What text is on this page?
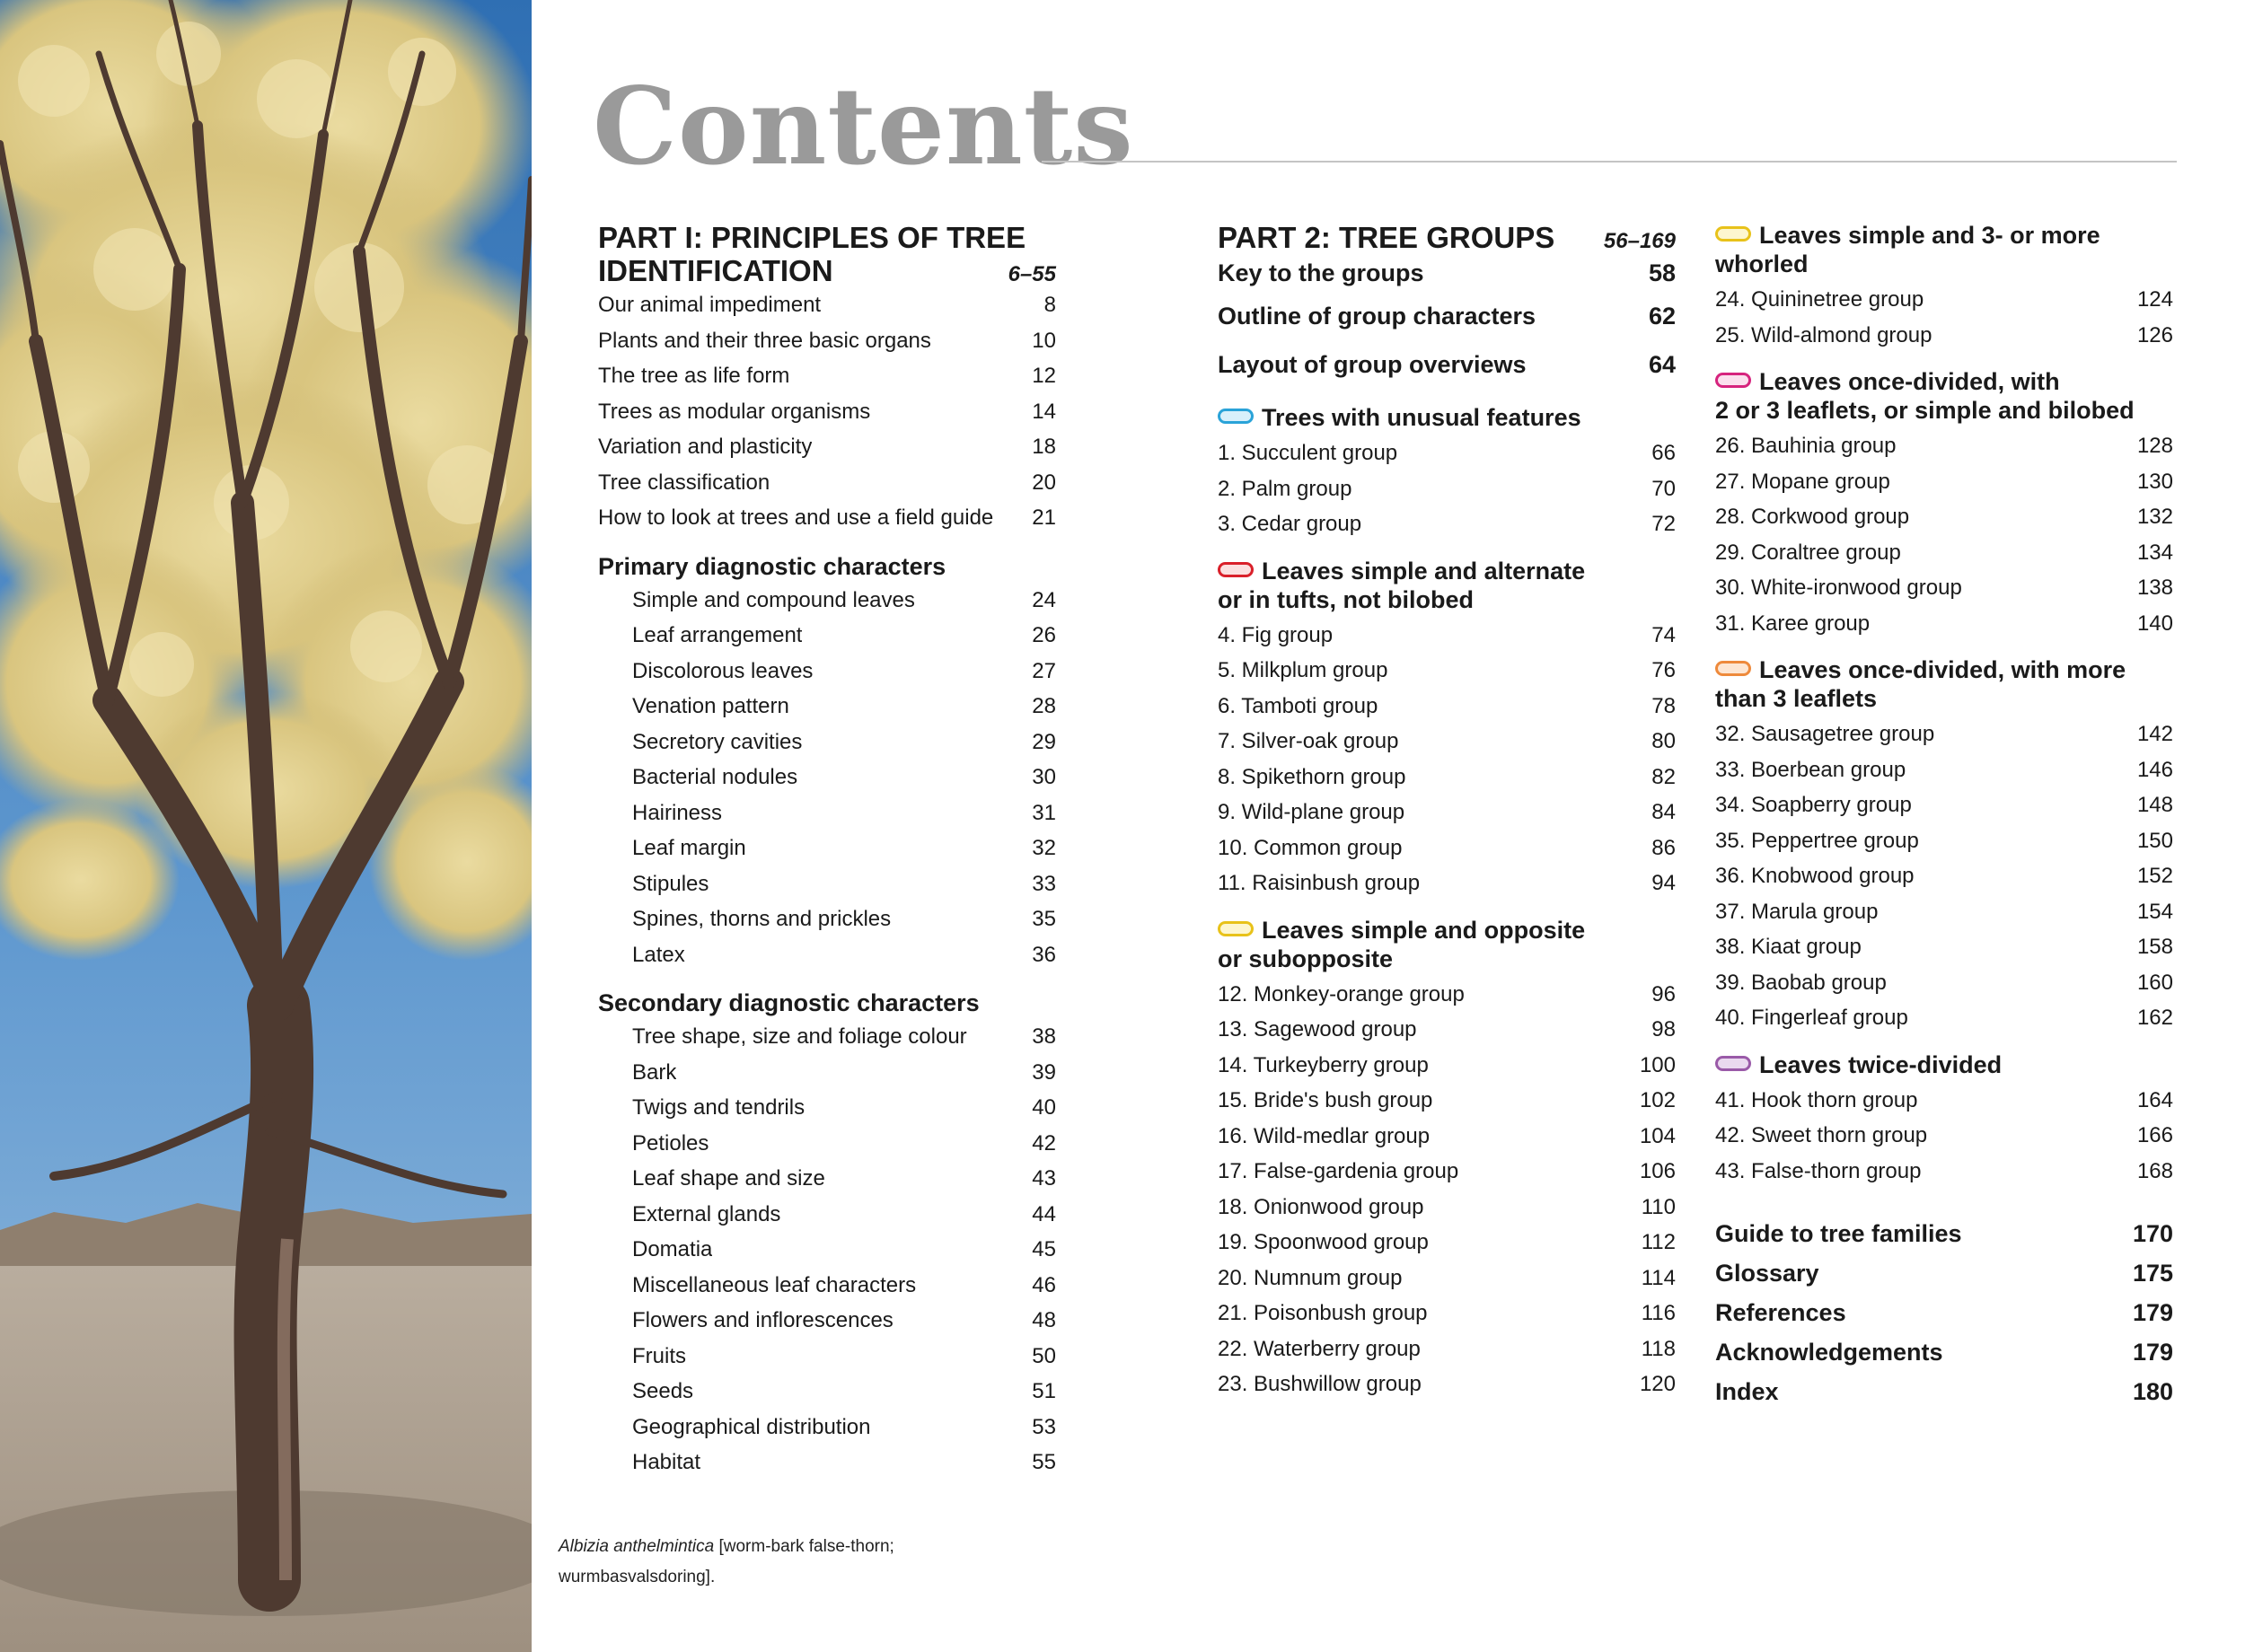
Contents
PART I: PRINCIPLES OF TREE
IDENTIFICATION	6–55
Our animal impediment	8
Plants and their three basic organs	10
The tree as life form	12
Trees as modular organisms	14
Variation and plasticity	18
Tree classification	20
How to look at trees and use a field guide 21
Primary diagnostic characters
Simple and compound leaves	24
Leaf arrangement	26
Discolorous leaves	27
Venation pattern	28
Secretory cavities	29
Bacterial nodules	30
Hairiness	31
Leaf margin	32
Stipules	33
Spines, thorns and prickles	35
Latex	36
Secondary diagnostic characters
Tree shape, size and foliage colour	38
Bark	39
Twigs and tendrils	40
Petioles	42
Leaf shape and size	43
External glands	44
Domatia	45
Miscellaneous leaf characters	46
Flowers and inflorescences	48
Fruits	50
Seeds	51
Geographical distribution	53
Habitat	55
PART 2: TREE GROUPS 56–169
Key to the groups	58
Outline of group characters	62
Layout of group overviews	64
Trees with unusual features
1. Succulent group	66
2. Palm group	70
3. Cedar group	72
Leaves simple and alternate
or in tufts, not bilobed
4. Fig group	74
5. Milkplum group	76
6. Tamboti group	78
7. Silver-oak group	80
8. Spikethorn group	82
9. Wild-plane group	84
10. Common group	86
11. Raisinbush group	94
Leaves simple and opposite
or subopposite
12. Monkey-orange group	96
13. Sagewood group	98
14. Turkeyberry group	100
15. Bride's bush group	102
16. Wild-medlar group	104
17. False-gardenia group	106
18. Onionwood group	110
19. Spoonwood group	112
20. Numnum group	114
21. Poisonbush group	116
22. Waterberry group	118
23. Bushwillow group	120
Leaves simple and 3- or more
whorled
24. Quininetree group	124
25. Wild-almond group	126
Leaves once-divided, with
2 or 3 leaflets, or simple and bilobed
26. Bauhinia group	128
27. Mopane group	130
28. Corkwood group	132
29. Coraltree group	134
30. White-ironwood group	138
31. Karee group	140
Leaves once-divided, with more
than 3 leaflets
32. Sausagetree group	142
33. Boerbean group	146
34. Soapberry group	148
35. Peppertree group	150
36. Knobwood group	152
37. Marula group	154
38. Kiaat group	158
39. Baobab group	160
40. Fingerleaf group	162
Leaves twice-divided
41. Hook thorn group	164
42. Sweet thorn group	166
43. False-thorn group	168
Guide to tree families	170
Glossary	175
References	179
Acknowledgements	179
Index	180
Albizia anthelmintica [worm-bark false-thorn; wurmbasvalsdoring].
